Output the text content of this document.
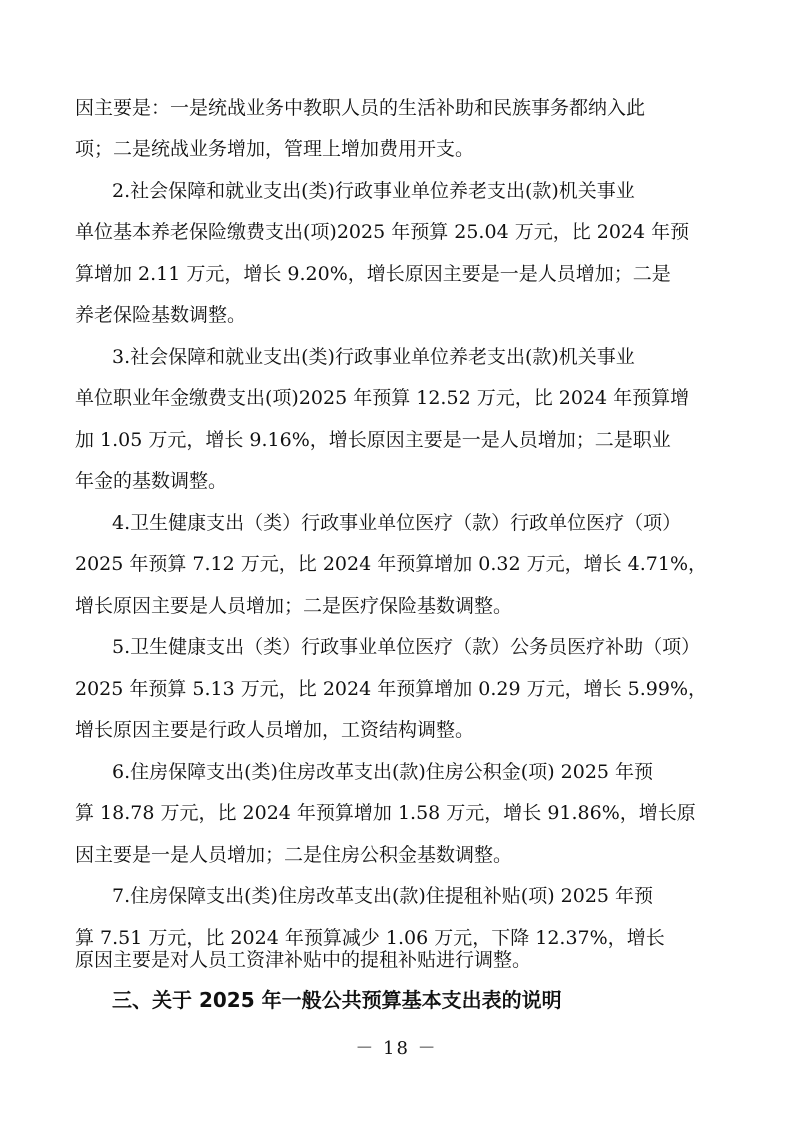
因主要是：一是统战业务中教职人员的生活补助和民族事务都纳入此
项；二是统战业务增加，管理上增加费用开支。
2.社会保障和就业支出(类)行政事业单位养老支出(款)机关事业
单位基本养老保险缴费支出(项)2025 年预算 25.04 万元，比 2024 年预
算增加 2.11 万元，增长 9.20%，增长原因主要是一是人员增加；二是
养老保险基数调整。
3.社会保障和就业支出(类)行政事业单位养老支出(款)机关事业
单位职业年金缴费支出(项)2025 年预算 12.52 万元，比 2024 年预算增
加 1.05 万元，增长 9.16%，增长原因主要是一是人员增加；二是职业
年金的基数调整。
4.卫生健康支出（类）行政事业单位医疗（款）行政单位医疗（项）
2025 年预算 7.12 万元，比 2024 年预算增加 0.32 万元，增长 4.71%，
增长原因主要是人员增加；二是医疗保险基数调整。
5.卫生健康支出（类）行政事业单位医疗（款）公务员医疗补助（项）
2025 年预算 5.13 万元，比 2024 年预算增加 0.29 万元，增长 5.99%，
增长原因主要是行政人员增加，工资结构调整。
6.住房保障支出(类)住房改革支出(款)住房公积金(项) 2025 年预
算 18.78 万元，比 2024 年预算增加 1.58 万元，增长 91.86%，增长原
因主要是一是人员增加；二是住房公积金基数调整。
7.住房保障支出(类)住房改革支出(款)住提租补贴(项) 2025 年预
算 7.51 万元，比 2024 年预算减少 1.06 万元，下降 12.37%，增长
三、关于 2025 年一般公共预算基本支出表的说明
－ 18 －
原因主要是对人员工资津补贴中的提租补贴进行调整。
